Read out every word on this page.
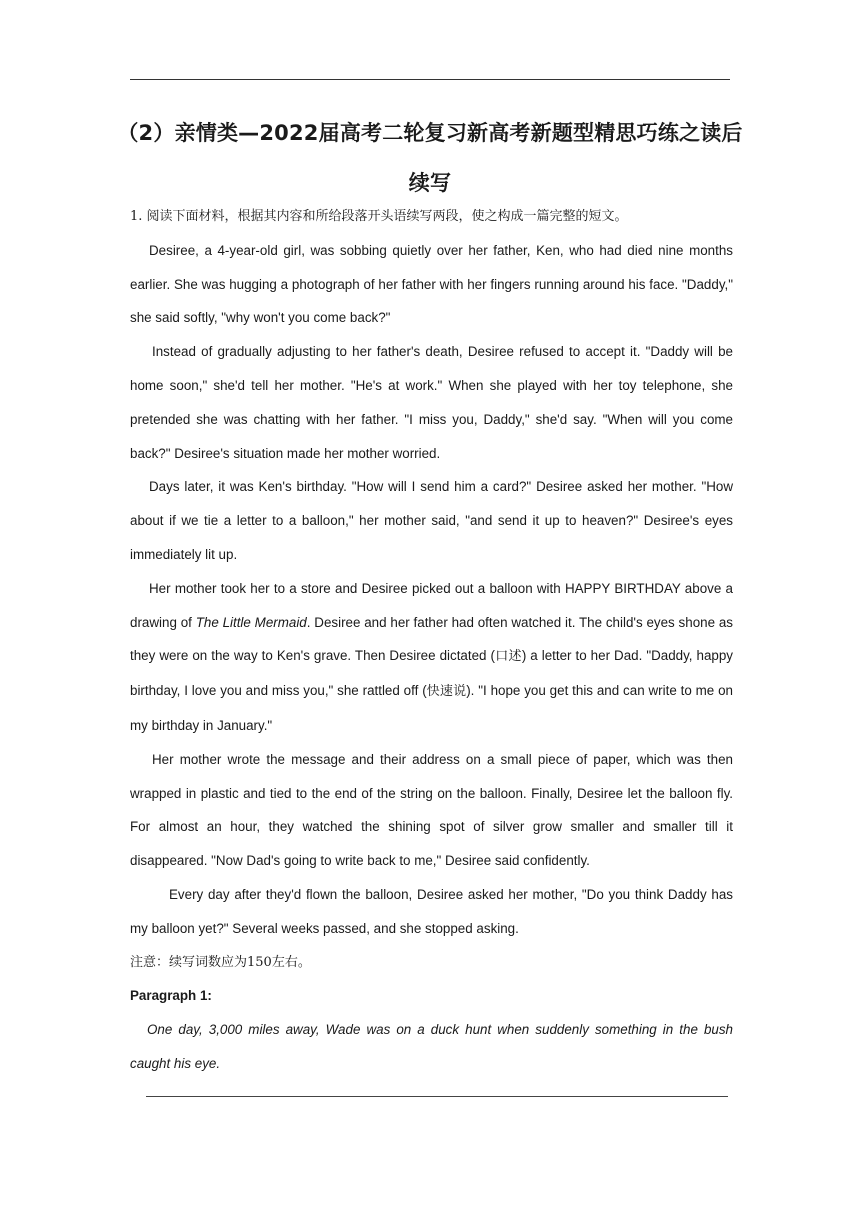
（2）亲情类—2022届高考二轮复习新高考新题型精思巧练之读后续写

1. 阅读下面材料，根据其内容和所给段落开头语续写两段，使之构成一篇完整的短文。

Desiree, a 4-year-old girl, was sobbing quietly over her father, Ken, who had died nine months earlier. She was hugging a photograph of her father with her fingers running around his face. "Daddy," she said softly, "why won't you come back?"

Instead of gradually adjusting to her father's death, Desiree refused to accept it. "Daddy will be home soon," she'd tell her mother. "He's at work." When she played with her toy telephone, she pretended she was chatting with her father. "I miss you, Daddy," she'd say. "When will you come back?" Desiree's situation made her mother worried.

Days later, it was Ken's birthday. "How will I send him a card?" Desiree asked her mother. "How about if we tie a letter to a balloon," her mother said, "and send it up to heaven?" Desiree's eyes immediately lit up.

Her mother took her to a store and Desiree picked out a balloon with HAPPY BIRTHDAY above a drawing of The Little Mermaid. Desiree and her father had often watched it. The child's eyes shone as they were on the way to Ken's grave. Then Desiree dictated (口述) a letter to her Dad. "Daddy, happy birthday, I love you and miss you," she rattled off (快速说). "I hope you get this and can write to me on my birthday in January."

Her mother wrote the message and their address on a small piece of paper, which was then wrapped in plastic and tied to the end of the string on the balloon. Finally, Desiree let the balloon fly. For almost an hour, they watched the shining spot of silver grow smaller and smaller till it disappeared. "Now Dad's going to write back to me," Desiree said confidently.

Every day after they'd flown the balloon, Desiree asked her mother, "Do you think Daddy has my balloon yet?" Several weeks passed, and she stopped asking.

注意：续写词数应为150左右。

Paragraph 1:

One day, 3,000 miles away, Wade was on a duck hunt when suddenly something in the bush caught his eye.
